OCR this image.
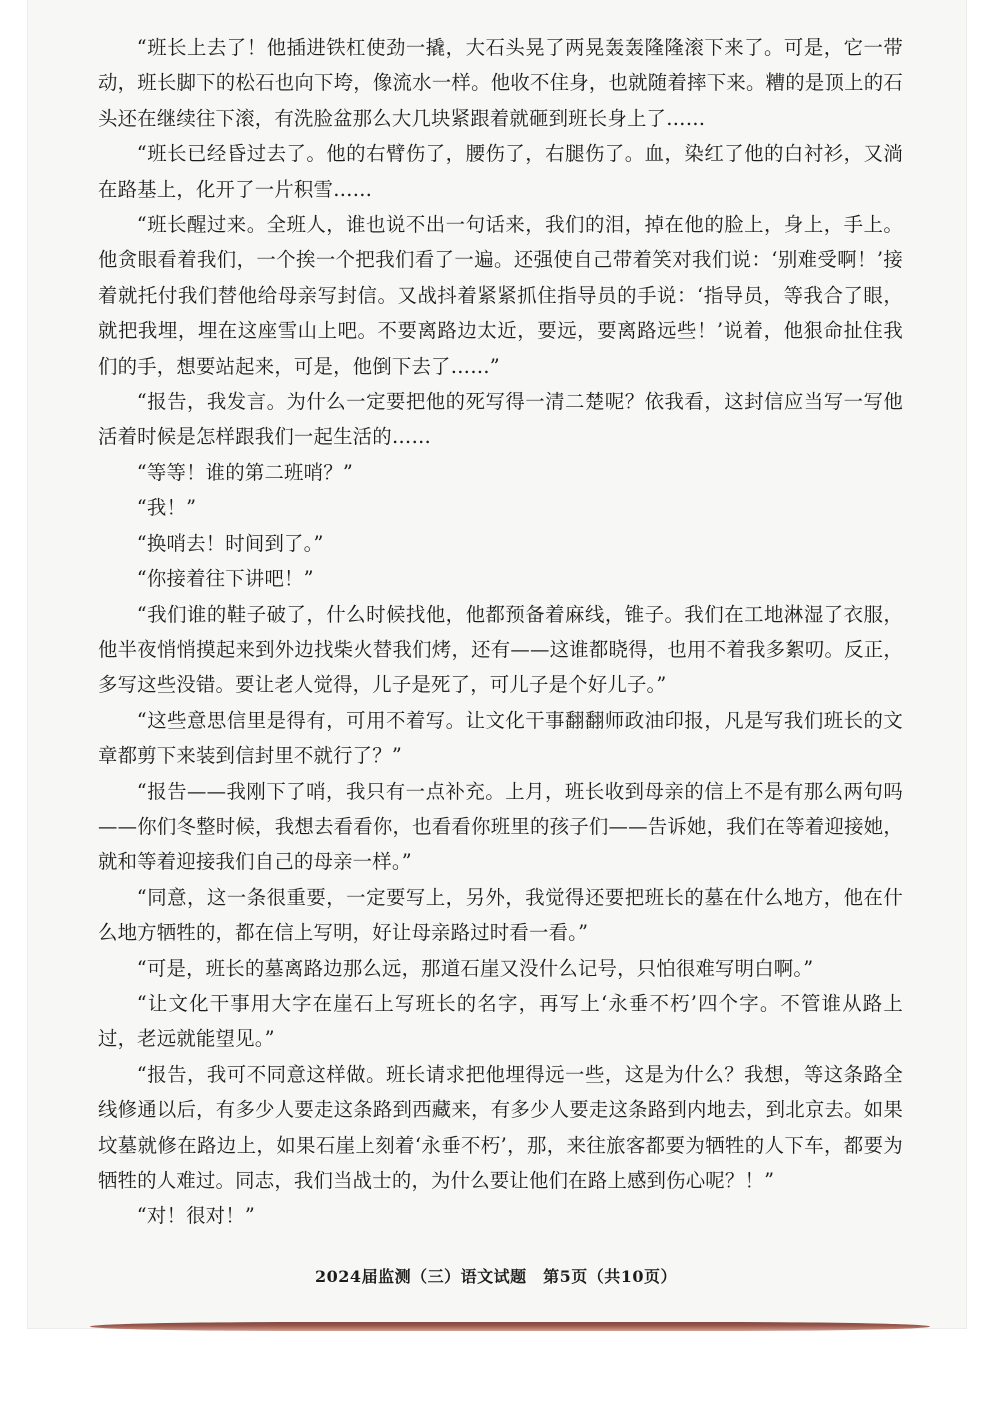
“班长上去了！他插进铁杠使劲一撬，大石头晃了两晃轰轰隆隆滚下来了。可是，它一带动，班长脚下的松石也向下垮，像流水一样。他收不住身，也就随着摔下来。糟的是顶上的石头还在继续往下滚，有洗脸盆那么大几块紧跟着就砸到班长身上了……

“班长已经昏过去了。他的右臂伤了，腰伤了，右腿伤了。血，染红了他的白衬衫，又淌在路基上，化开了一片积雪……

“班长醒过来。全班人，谁也说不出一句话来，我们的泪，掉在他的脸上，身上，手上。他贪眼看着我们，一个挨一个把我们看了一遍。还强使自己带着笑对我们说：‘别难受啊！’接着就托付我们替他给母亲写封信。又战抖着紧紧抓住指导员的手说：‘指导员，等我合了眼，就把我埋，埋在这座雪山上吧。不要离路边太近，要远，要离路远些！’说着，他狠命扯住我们的手，想要站起来，可是，他倒下去了……”

“报告，我发言。为什么一定要把他的死写得一清二楚呢？依我看，这封信应当写一写他活着时候是怎样跟我们一起生活的……

“等等！谁的第二班哨？”

“我！”

“换哨去！时间到了。”

“你接着往下讲吧！”

“我们谁的鞋子破了，什么时候找他，他都预备着麻线，锥子。我们在工地淋湿了衣服，他半夜悄悄摸起来到外边找柴火替我们烤，还有——这谁都晓得，也用不着我多絮叨。反正，多写这些没错。要让老人觉得，儿子是死了，可儿子是个好儿子。”

“这些意思信里是得有，可用不着写。让文化干事翻翻师政油印报，凡是写我们班长的文章都剪下来装到信封里不就行了？”

“报告——我刚下了哨，我只有一点补充。上月，班长收到母亲的信上不是有那么两句吗——你们冬整时候，我想去看看你，也看看你班里的孩子们——告诉她，我们在等着迎接她，就和等着迎接我们自己的母亲一样。”

“同意，这一条很重要，一定要写上，另外，我觉得还要把班长的墓在什么地方，他在什么地方牺牲的，都在信上写明，好让母亲路过时看一看。”

“可是，班长的墓离路边那么远，那道石崖又没什么记号，只怕很难写明白啊。”

“让文化干事用大字在崖石上写班长的名字，再写上‘永垂不朽’四个字。不管谁从路上过，老远就能望见。”

“报告，我可不同意这样做。班长请求把他埋得远一些，这是为什么？我想，等这条路全线修通以后，有多少人要走这条路到西藏来，有多少人要走这条路到内地去，到北京去。如果坟墓就修在路边上，如果石崖上刻着‘永垂不朽’，那，来往旅客都要为牺牲的人下车，都要为牺牲的人难过。同志，我们当战士的，为什么要让他们在路上感到伤心呢？！”

“对！很对！”

2024届监测（三）语文试题　第5页（共10页）
